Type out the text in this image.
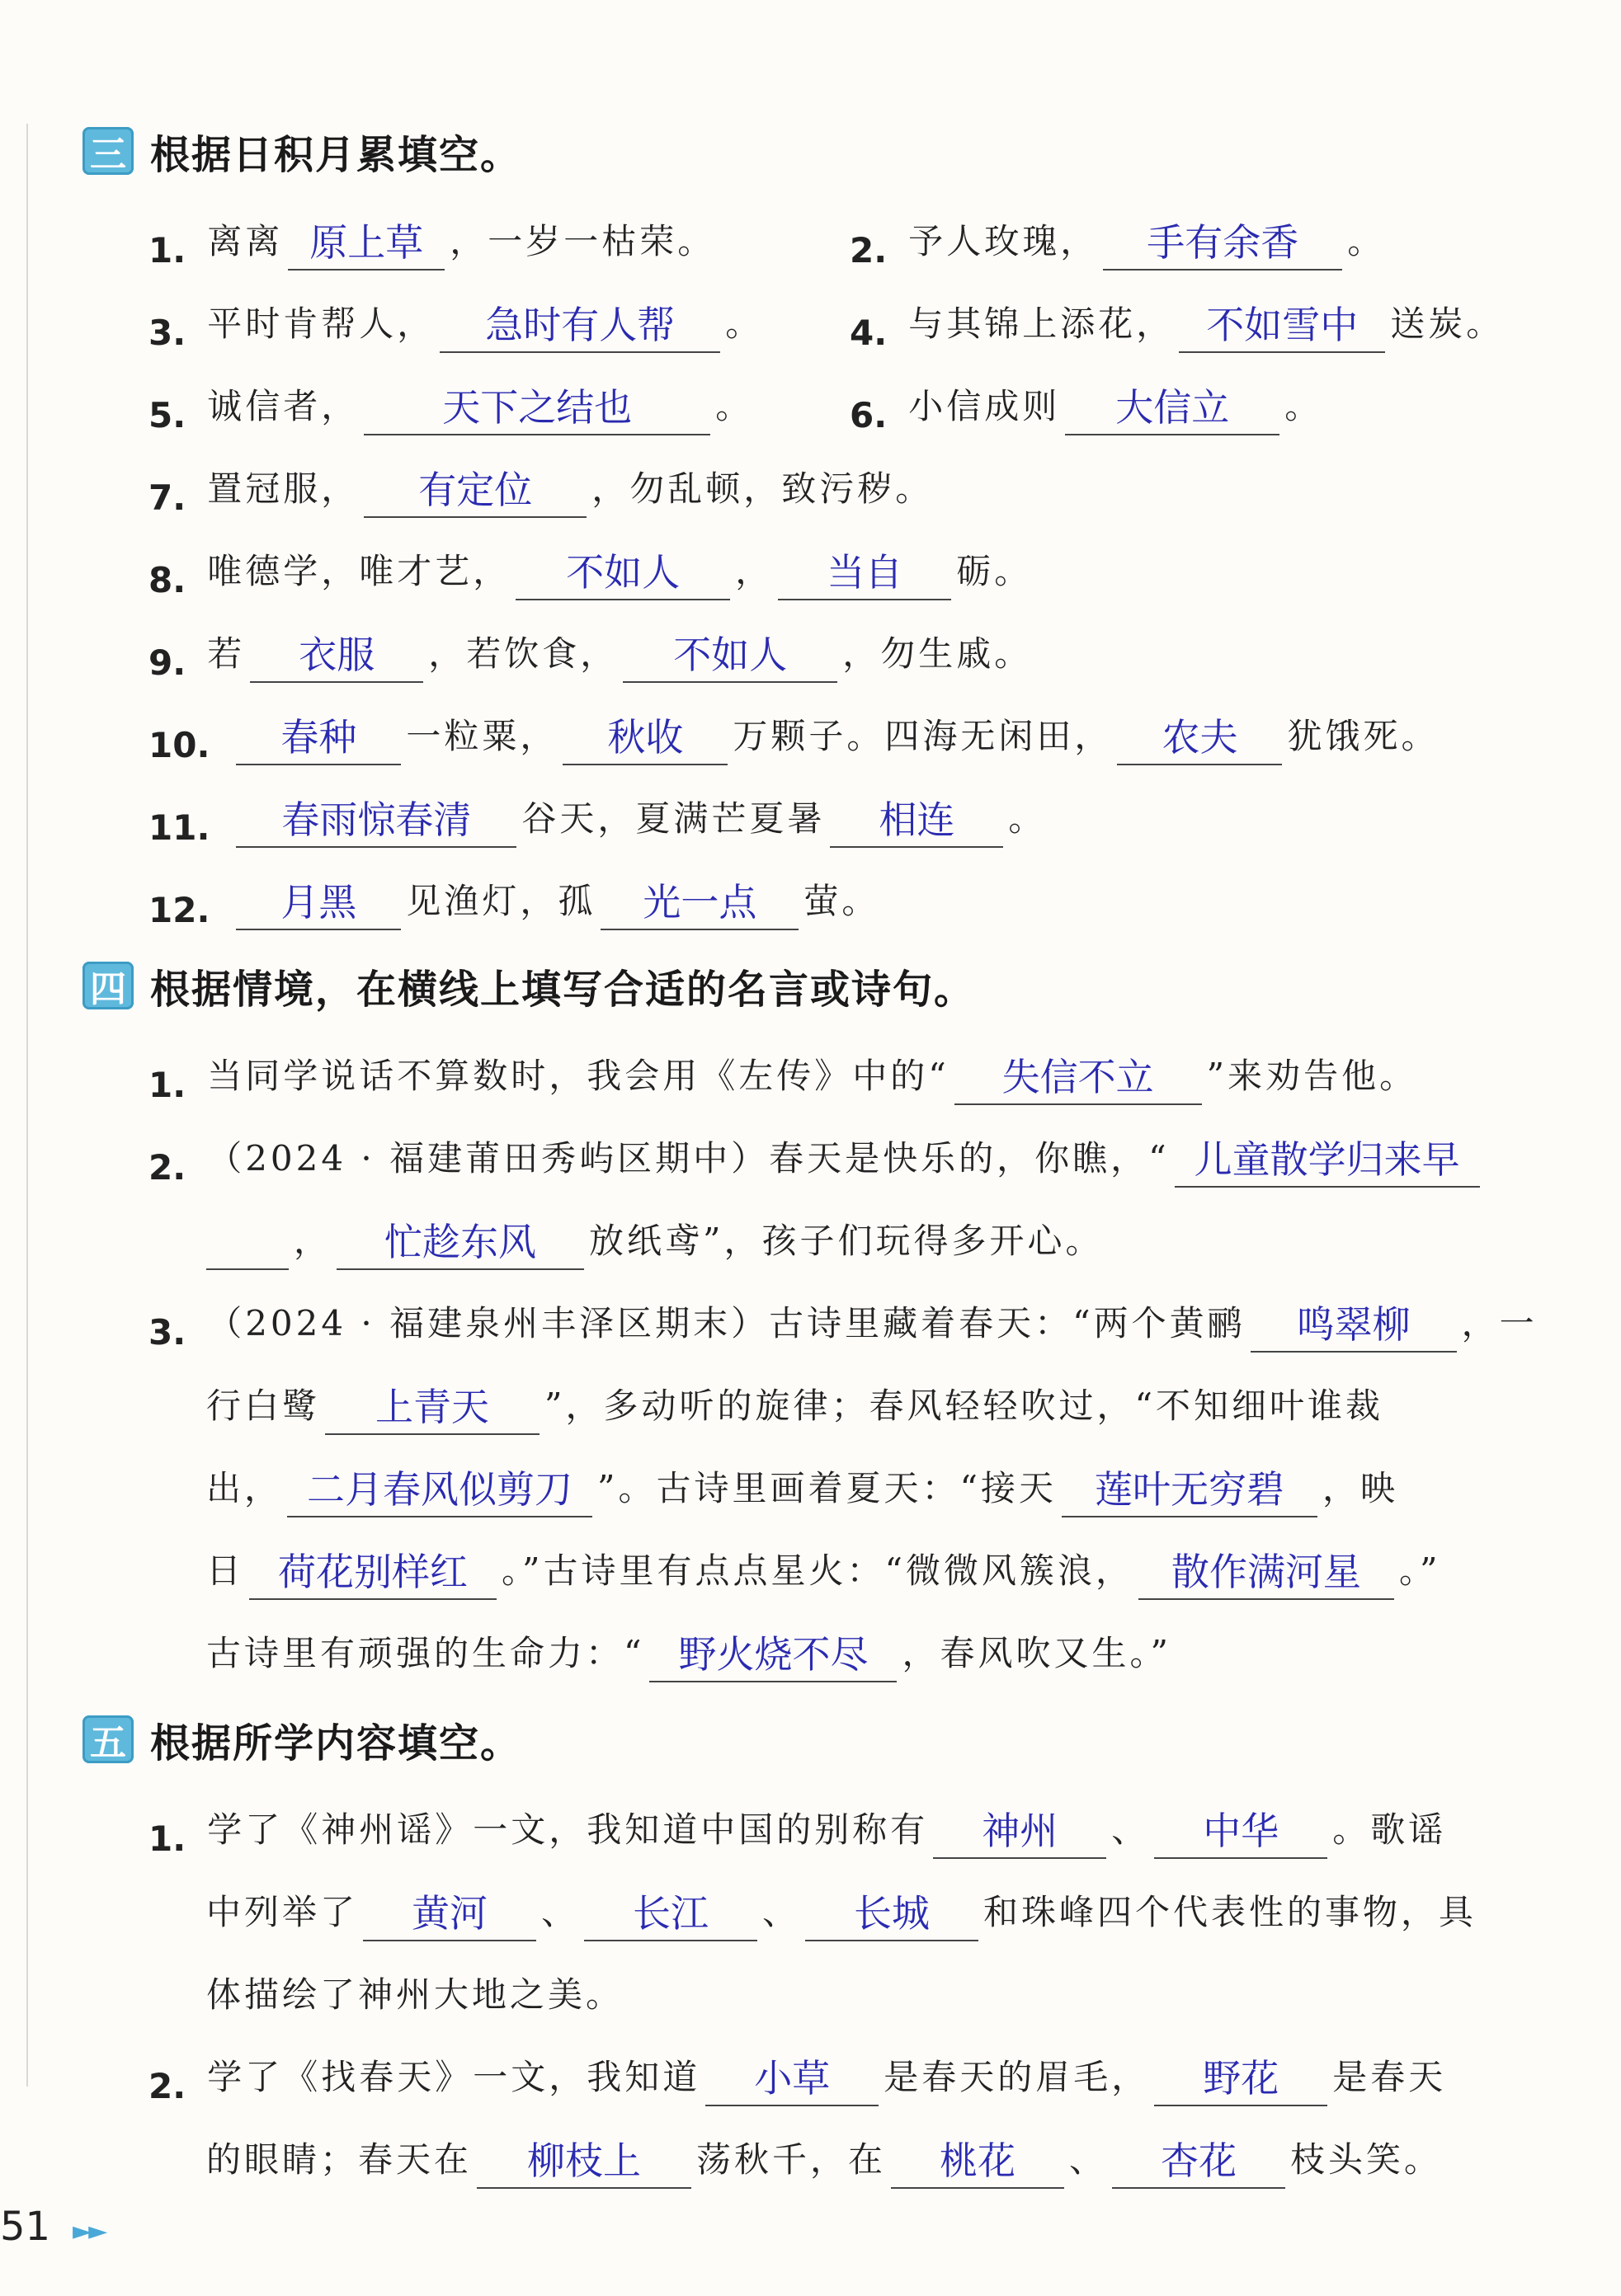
三 根据日积月累填空。
1. 离离 原上草 ，一岁一枯荣。	2. 予人玫瑰，	手有余香	。
3. 平时肯帮人，	急时有人帮	。 4. 与其锦上添花， 不如雪中 送炭。
5. 诚信者，	天下之结也	。	6. 小信成则	大信立	。
7. 置冠服，	有定位	，勿乱顿，致污秽。
8. 唯德学，唯才艺，	不如人	，	当自	砺。
9. 若	衣服	，若饮食，	不如人	，勿生戚。
10.	春种	一粒粟，	秋收	万颗子。四海无闲田，	农夫	犹饿死。
11.	春雨惊春清	谷天，夏满芒夏暑	相连	。
12.	月黑	见渔灯，孤	光一点	萤。
四 根据情境，在横线上填写合适的名言或诗句。
1. 当同学说话不算数时，我会用《左传》中的“	失信不立	”来劝告他。
2. （2024 · 福建莆田秀屿区期中）春天是快乐的，你瞧，“ 儿童散学归来早
，	忙趁东风	放纸鸢”，孩子们玩得多开心。
3. （2024 · 福建泉州丰泽区期末）古诗里藏着春天：“两个黄鹂	鸣翠柳	，一
行白鹭	上青天	”，多动听的旋律；春风轻轻吹过，“不知细叶谁裁
出， 二月春风似剪刀 ”。古诗里画着夏天：“接天	莲叶无穷碧	，映
日 荷花别样红 。”古诗里有点点星火：“微微风簇浪，	散作满河星	。”
古诗里有顽强的生命力：“ 野火烧不尽 ，春风吹又生。”
五 根据所学内容填空。
1. 学了《神州谣》一文，我知道中国的别称有	神州	、	中华	。歌谣
中列举了	黄河	、	长江	、	长城	和珠峰四个代表性的事物，具
体描绘了神州大地之美。
2. 学了《找春天》一文，我知道	小草	是春天的眉毛，	野花	是春天
的眼睛；春天在	柳枝上	荡秋千，在	桃花	、	杏花	枝头笑。
51 ►►
